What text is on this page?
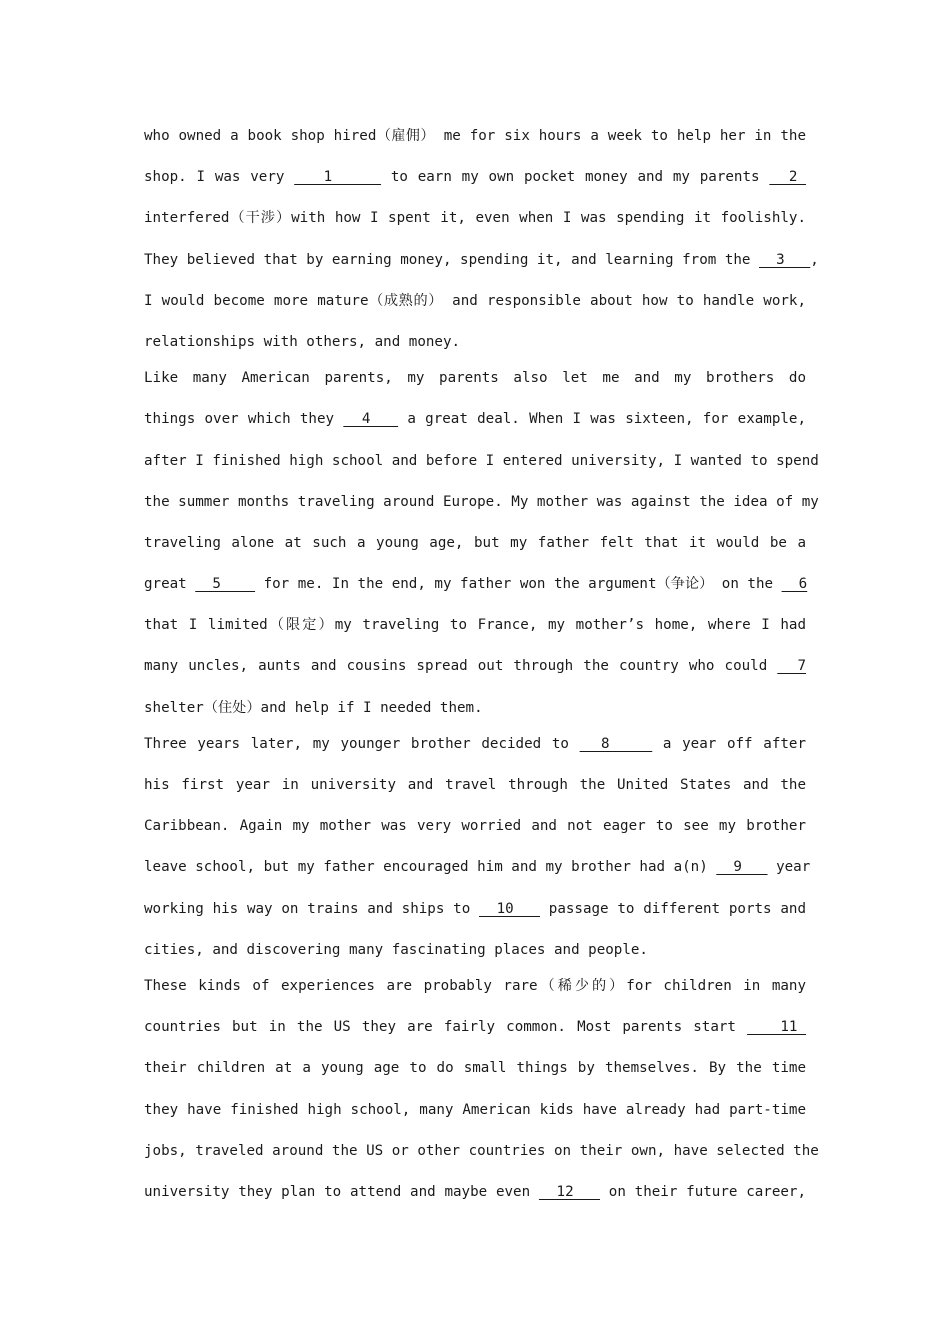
who owned a book shop hired（雇佣） me for six hours a week to help her in the
shop. I was very    1      to earn my own pocket money and my parents   2
interfered（干涉）with how I spent it, even when I was spending it foolishly.
They believed that by earning money, spending it, and learning from the   3   ,
I would become more mature（成熟的） and responsible about how to handle work,
relationships with others, and money.
Like many American parents, my parents also let me and my brothers do
things over which they   4    a great deal. When I was sixteen, for example,
after I finished high school and before I entered university, I wanted to spend
the summer months traveling around Europe. My mother was against the idea of my
traveling alone at such a young age, but my father felt that it would be a
great   5     for me. In the end, my father won the argument（争论） on the   6
that I limited（限定）my traveling to France, my mother’s home, where I had
many uncles, aunts and cousins spread out through the country who could   7
shelter（住处）and help if I needed them.
Three years later, my younger brother decided to   8     a year off after
his first year in university and travel through the United States and the
Caribbean. Again my mother was very worried and not eager to see my brother
leave school, but my father encouraged him and my brother had a(n)   9    year
working his way on trains and ships to   10    passage to different ports and
cities, and discovering many fascinating places and people.
These kinds of experiences are probably rare（稀少的）for children in many
countries but in the US they are fairly common. Most parents start    11
their children at a young age to do small things by themselves. By the time
they have finished high school, many American kids have already had part-time
jobs, traveled around the US or other countries on their own, have selected the
university they plan to attend and maybe even   12    on their future career,
